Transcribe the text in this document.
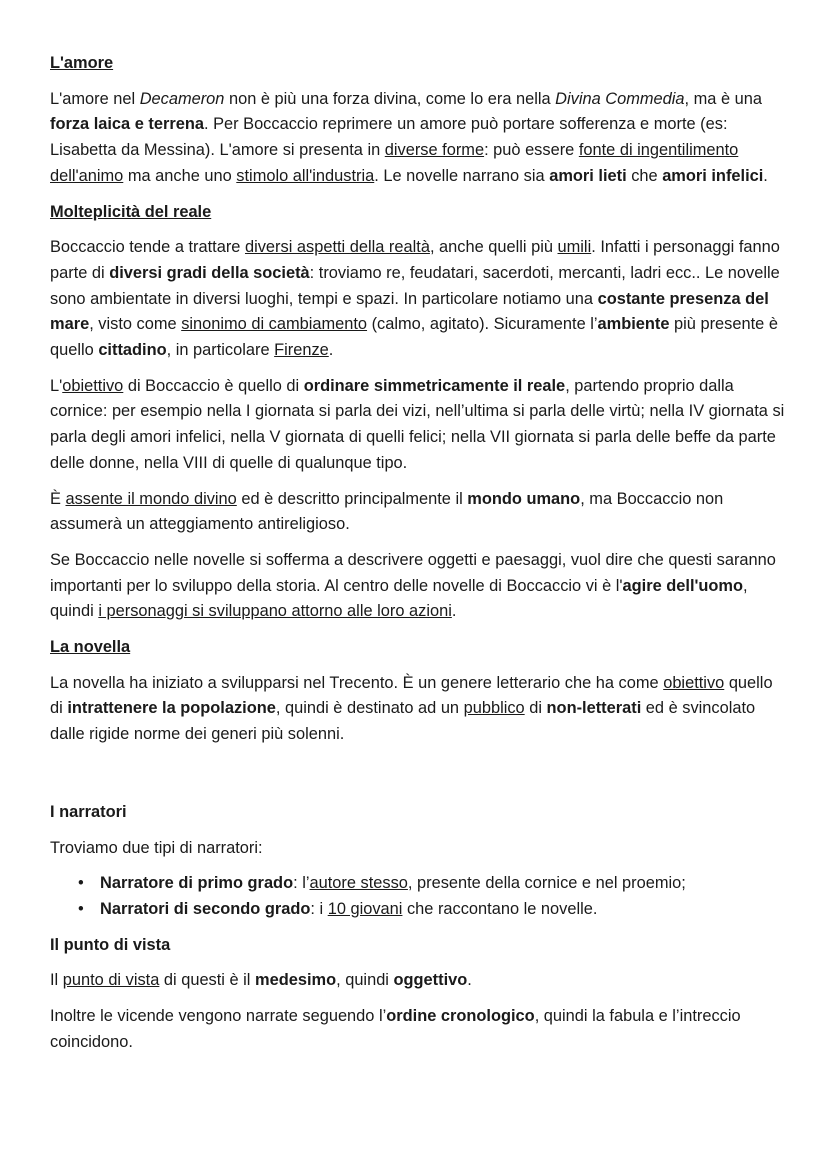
L'amore

L'amore nel Decameron non è più una forza divina, come lo era nella Divina Commedia, ma è una forza laica e terrena. Per Boccaccio reprimere un amore può portare sofferenza e morte (es: Lisabetta da Messina). L'amore si presenta in diverse forme: può essere fonte di ingentilimento dell'animo ma anche uno stimolo all'industria. Le novelle narrano sia amori lieti che amori infelici.

Molteplicità del reale

Boccaccio tende a trattare diversi aspetti della realtà, anche quelli più umili. Infatti i personaggi fanno parte di diversi gradi della società: troviamo re, feudatari, sacerdoti, mercanti, ladri ecc.. Le novelle sono ambientate in diversi luoghi, tempi e spazi. In particolare notiamo una costante presenza del mare, visto come sinonimo di cambiamento (calmo, agitato). Sicuramente l’ambiente più presente è quello cittadino, in particolare Firenze.

L'obiettivo di Boccaccio è quello di ordinare simmetricamente il reale, partendo proprio dalla cornice: per esempio nella I giornata si parla dei vizi, nell’ultima si parla delle virtù; nella IV giornata si parla degli amori infelici, nella V giornata di quelli felici; nella VII giornata si parla delle beffe da parte delle donne, nella VIII di quelle di qualunque tipo.

È assente il mondo divino ed è descritto principalmente il mondo umano, ma Boccaccio non assumerà un atteggiamento antireligioso.

Se Boccaccio nelle novelle si sofferma a descrivere oggetti e paesaggi, vuol dire che questi saranno importanti per lo sviluppo della storia. Al centro delle novelle di Boccaccio vi è l'agire dell'uomo, quindi i personaggi si sviluppano attorno alle loro azioni.

La novella

La novella ha iniziato a svilupparsi nel Trecento. È un genere letterario che ha come obiettivo quello di intrattenere la popolazione, quindi è destinato ad un pubblico di non-letterati ed è svincolato dalle rigide norme dei generi più solenni.

I narratori

Troviamo due tipi di narratori:

• Narratore di primo grado: l’autore stesso, presente della cornice e nel proemio;
• Narratori di secondo grado: i 10 giovani che raccontano le novelle.
Il punto di vista

Il punto di vista di questi è il medesimo, quindi oggettivo.

Inoltre le vicende vengono narrate seguendo l’ordine cronologico, quindi la fabula e l’intreccio coincidono.
